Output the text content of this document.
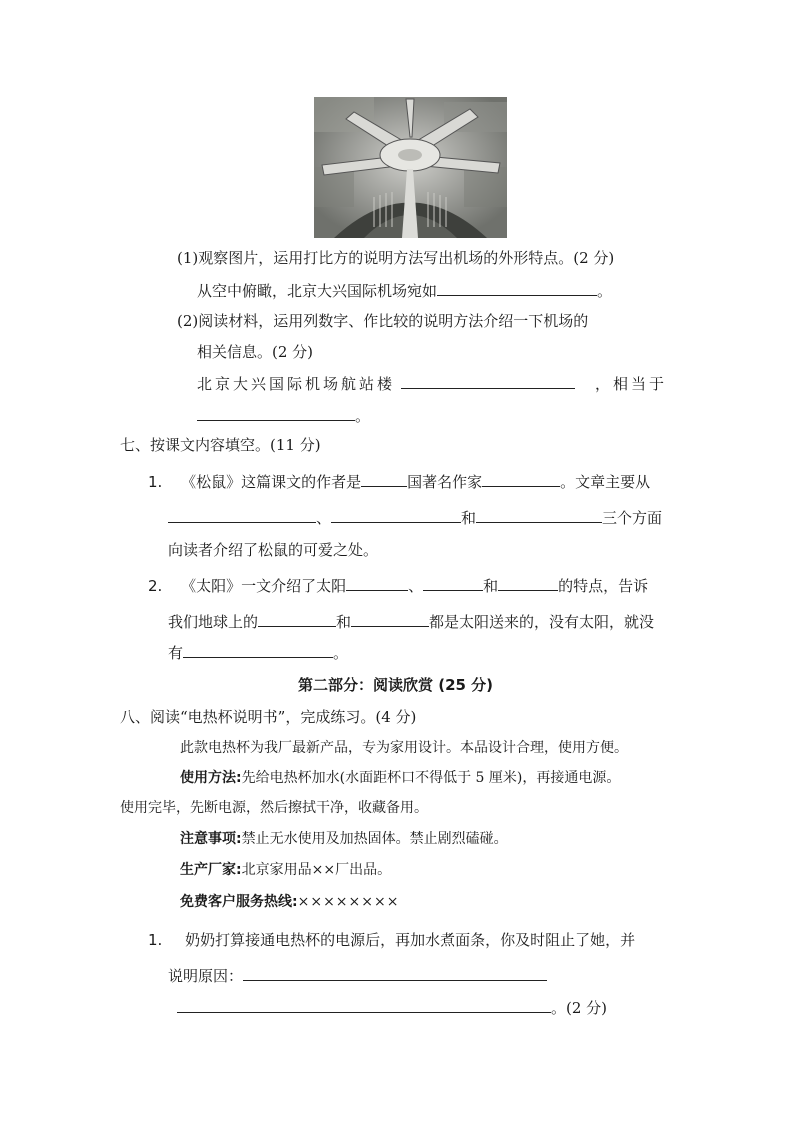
(1)观察图片，运用打比方的说明方法写出机场的外形特点。(2 分)
从空中俯瞰，北京大兴国际机场宛如	。
(2)阅读材料，运用列数字、作比较的说明方法介绍一下机场的
相关信息。(2 分)
北京大兴国际机场航站楼	，相当于
。
七、按课文内容填空。(11 分)
1. 《松鼠》这篇课文的作者是	国著名作家	。文章主要从
、	和	三个方面
向读者介绍了松鼠的可爱之处。
2. 《太阳》一文介绍了太阳	、	和	的特点，告诉
我们地球上的	和	都是太阳送来的，没有太阳，就没
有	。
第二部分：阅读欣赏 (25 分)
八、阅读“电热杯说明书”，完成练习。(4 分)
此款电热杯为我厂最新产品，专为家用设计。本品设计合理，使用方便。
使用方法:先给电热杯加水(水面距杯口不得低于 5 厘米)，再接通电源。
使用完毕，先断电源，然后擦拭干净，收藏备用。
注意事项:禁止无水使用及加热固体。禁止剧烈磕碰。
生产厂家:北京家用品××厂出品。
免费客户服务热线:××××××××
1. 奶奶打算接通电热杯的电源后，再加水煮面条，你及时阻止了她，并
说明原因：
。(2 分)
